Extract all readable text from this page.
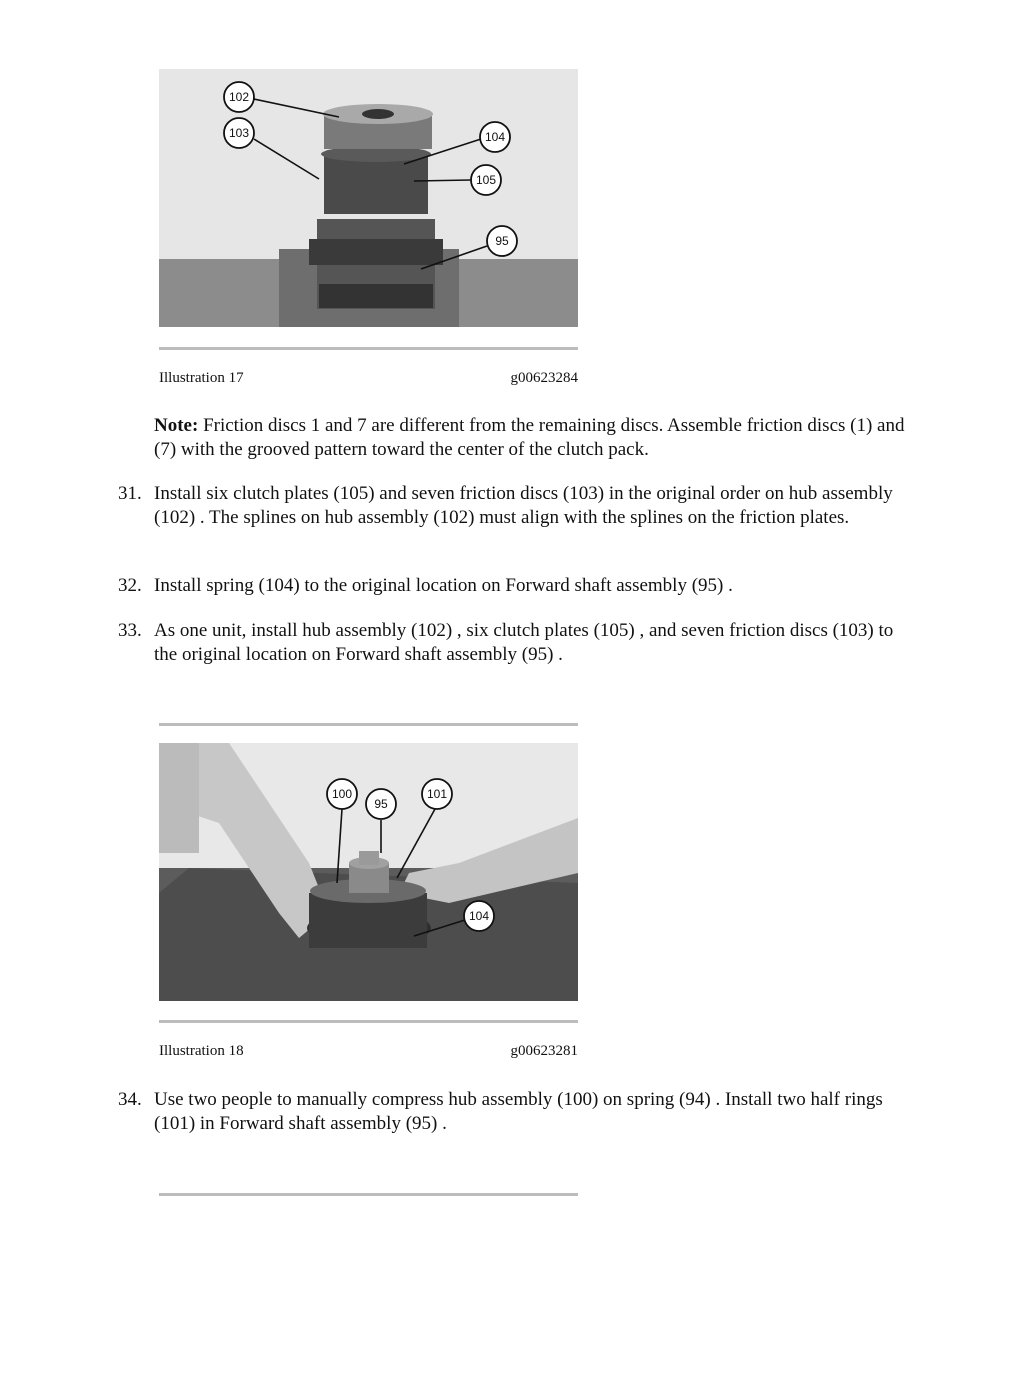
102
103	104
105
95
Illustration 17	g00623284
Note: Friction discs 1 and 7 are different from the remaining discs. Assemble friction discs (1) and (7) with the grooved pattern toward the center of the clutch pack.
31. Install six clutch plates (105) and seven friction discs (103) in the original order on hub assembly (102) . The splines on hub assembly (102) must align with the splines on the friction plates.
32. Install spring (104) to the original location on Forward shaft assembly (95) .
33. As one unit, install hub assembly (102) , six clutch plates (105) , and seven friction discs (103) to the original location on Forward shaft assembly (95) .
100
95
101
104
Illustration 18	g00623281
34. Use two people to manually compress hub assembly (100) on spring (94) . Install two half rings (101) in Forward shaft assembly (95) .
